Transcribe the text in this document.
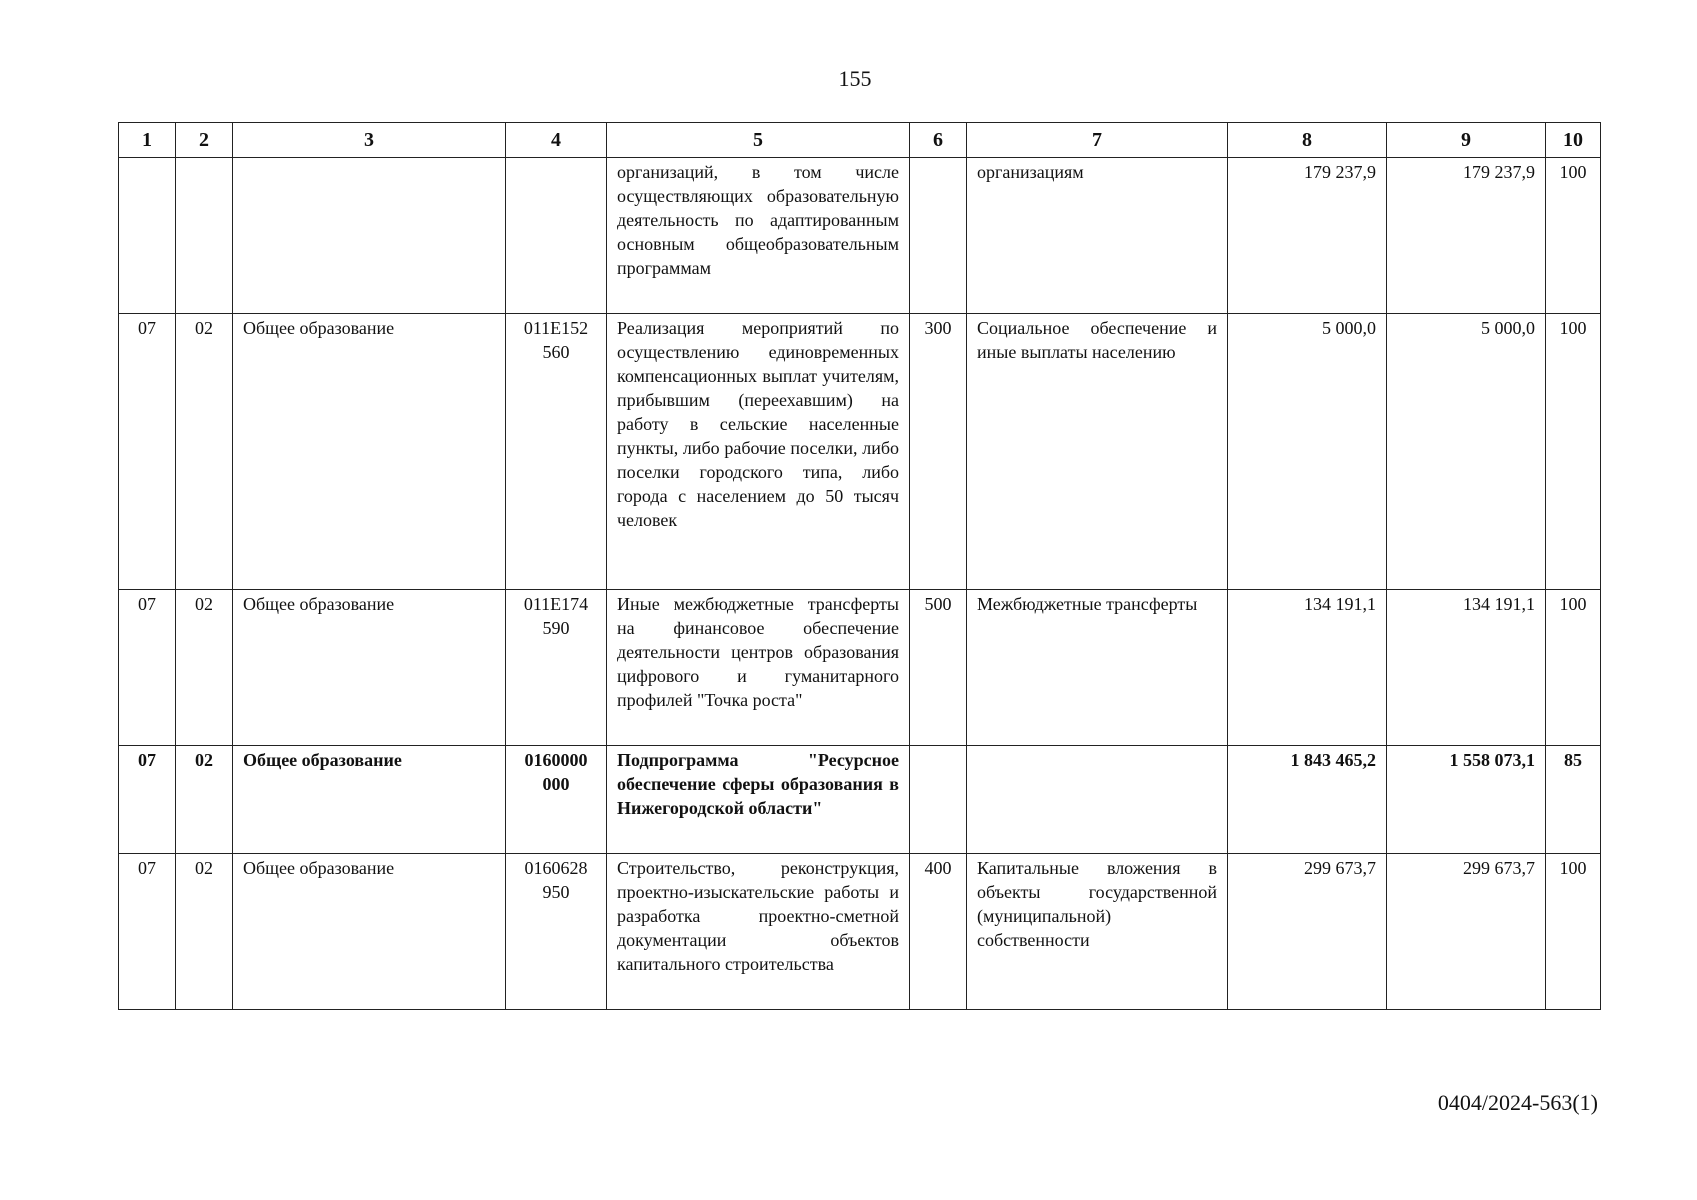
155
1	2	3	4	5	6	7	8	9	10
				организаций, в том числе осуществляющих образовательную деятельность по адаптированным основным общеобразовательным программам		организациям	179 237,9	179 237,9	100
07	02	Общее образование	011Е152 560	Реализация мероприятий по осуществлению единовременных компенсационных выплат учителям, прибывшим (переехавшим) на работу в сельские населенные пункты, либо рабочие поселки, либо поселки городского типа, либо города с населением до 50 тысяч человек	300	Социальное обеспечение и иные выплаты населению	5 000,0	5 000,0	100
07	02	Общее образование	011Е174 590	Иные межбюджетные трансферты на финансовое обеспечение деятельности центров образования цифрового и гуманитарного профилей "Точка роста"	500	Межбюджетные трансферты	134 191,1	134 191,1	100
07	02	Общее образование	0160000 000	Подпрограмма "Ресурсное обеспечение сферы образования в Нижегородской области"			1 843 465,2	1 558 073,1	85
07	02	Общее образование	0160628 950	Строительство, реконструкция, проектно-изыскательские работы и разработка проектно-сметной документации объектов капитального строительства	400	Капитальные вложения в объекты государственной (муниципальной) собственности	299 673,7	299 673,7	100
0404/2024-563(1)
